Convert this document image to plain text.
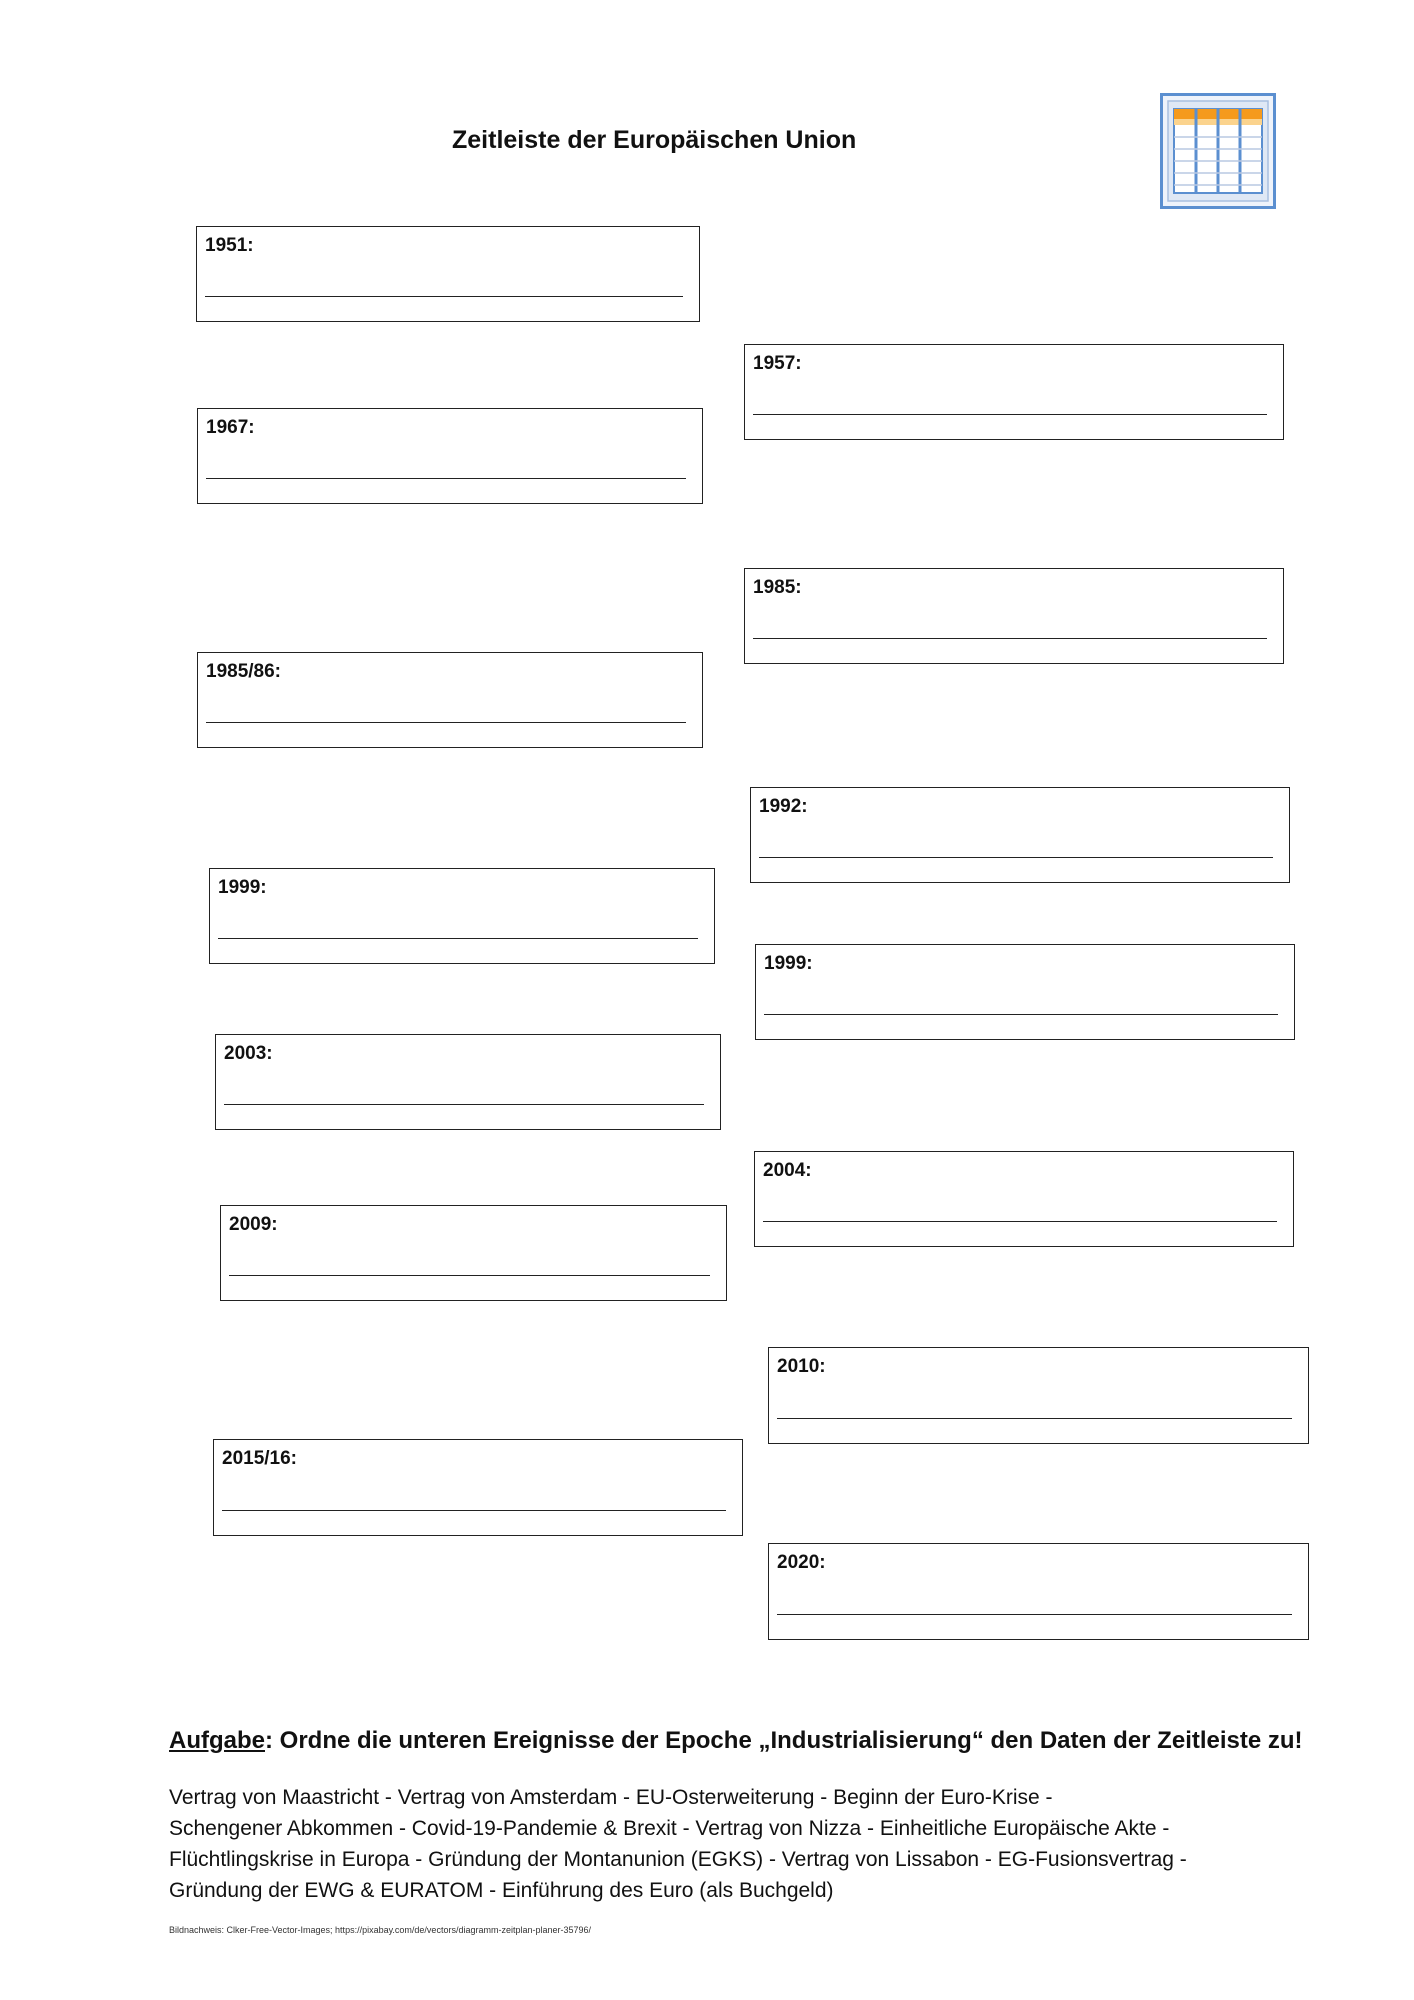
Zeitleiste der Europäischen Union
1951:
1957:
1967:
1985:
1985/86:
1992:
1999:
1999:
2003:
2004:
2009:
2010:
2015/16:
2020:
Aufgabe: Ordne die unteren Ereignisse der Epoche „Industrialisierung“ den Daten der Zeitleiste zu!
Vertrag von Maastricht - Vertrag von Amsterdam - EU-Osterweiterung - Beginn der Euro-Krise -
Schengener Abkommen - Covid-19-Pandemie & Brexit - Vertrag von Nizza - Einheitliche Europäische Akte -
Flüchtlingskrise in Europa - Gründung der Montanunion (EGKS) - Vertrag von Lissabon - EG-Fusionsvertrag -
Gründung der EWG & EURATOM - Einführung des Euro (als Buchgeld)
Bildnachweis: Clker-Free-Vector-Images; https://pixabay.com/de/vectors/diagramm-zeitplan-planer-35796/
